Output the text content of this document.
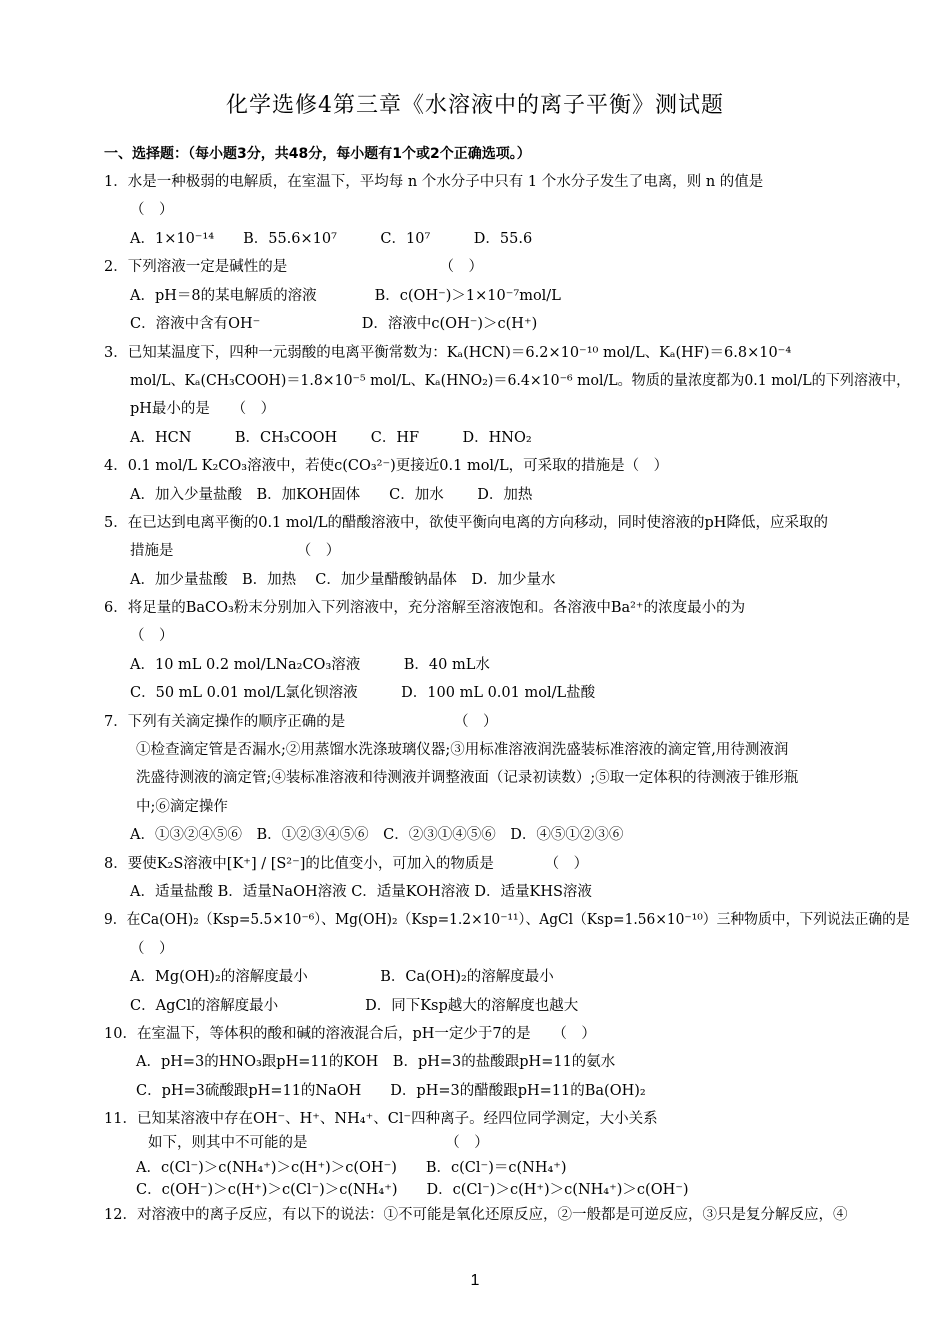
化学选修4第三章《水溶液中的离子平衡》测试题
一、选择题：（每小题3分，共48分，每小题有1个或2个正确选项。）
1．水是一种极弱的电解质，在室温下，平均每 n 个水分子中只有 1 个水分子发生了电离，则 n 的值是
（　）
A．1×10⁻¹⁴　　B．55.6×10⁷　　　C．10⁷　　　D．55.6
2．下列溶液一定是碱性的是　　　　　　　　　　　（　）
A．pH＝8的某电解质的溶液　　　　B．c(OH⁻)＞1×10⁻⁷mol/L
C．溶液中含有OH⁻　　　　　　　D．溶液中c(OH⁻)＞c(H⁺)
3．已知某温度下，四种一元弱酸的电离平衡常数为：Kₐ(HCN)＝6.2×10⁻¹⁰ mol/L、Kₐ(HF)＝6.8×10⁻⁴
mol/L、Kₐ(CH₃COOH)＝1.8×10⁻⁵ mol/L、Kₐ(HNO₂)＝6.4×10⁻⁶ mol/L。物质的量浓度都为0.1 mol/L的下列溶液中，
pH最小的是　　（　）
A．HCN　　　B．CH₃COOH　　 C．HF　　　D．HNO₂
4．0.1 mol/L K₂CO₃溶液中，若使c(CO₃²⁻)更接近0.1 mol/L，可采取的措施是（　）
A．加入少量盐酸　B．加KOH固体　　C．加水　　 D．加热
5．在已达到电离平衡的0.1 mol/L的醋酸溶液中，欲使平衡向电离的方向移动，同时使溶液的pH降低，应采取的
措施是　　　　　　　　　（　）
A．加少量盐酸　B．加热　 C．加少量醋酸钠晶体　D．加少量水
6．将足量的BaCO₃粉末分别加入下列溶液中，充分溶解至溶液饱和。各溶液中Ba²⁺的浓度最小的为
（　）
A．10 mL 0.2 mol/LNa₂CO₃溶液　　　B．40 mL水
C．50 mL 0.01 mol/L氯化钡溶液　　　D．100 mL 0.01 mol/L盐酸
7．下列有关滴定操作的顺序正确的是　　　　　　　　（　）
①检查滴定管是否漏水;②用蒸馏水洗涤玻璃仪器;③用标准溶液润洗盛装标准溶液的滴定管,用待测液润
洗盛待测液的滴定管;④装标准溶液和待测液并调整液面（记录初读数）;⑤取一定体积的待测液于锥形瓶
中;⑥滴定操作
A．①③②④⑤⑥　B．①②③④⑤⑥　C．②③①④⑤⑥　D．④⑤①②③⑥
8．要使K₂S溶液中[K⁺] / [S²⁻]的比值变小，可加入的物质是　　　　（　）
A．适量盐酸 B．适量NaOH溶液 C．适量KOH溶液 D．适量KHS溶液
9．在Ca(OH)₂（Ksp=5.5×10⁻⁶）、Mg(OH)₂（Ksp=1.2×10⁻¹¹）、AgCl（Ksp=1.56×10⁻¹⁰）三种物质中，下列说法正确的是
（　）
A．Mg(OH)₂的溶解度最小　　　　　B．Ca(OH)₂的溶解度最小
C．AgCl的溶解度最小　　　　　　D．同下Ksp越大的溶解度也越大
10．在室温下，等体积的酸和碱的溶液混合后，pH一定少于7的是　　（　）
A．pH=3的HNO₃跟pH=11的KOH　B．pH=3的盐酸跟pH=11的氨水
C．pH=3硫酸跟pH=11的NaOH　　D．pH=3的醋酸跟pH=11的Ba(OH)₂
11．已知某溶液中存在OH⁻、H⁺、NH₄⁺、Cl⁻四种离子。经四位同学测定，大小关系
如下，则其中不可能的是　　　　　　　　　　（　）
A．c(Cl⁻)＞c(NH₄⁺)＞c(H⁺)＞c(OH⁻)　　B．c(Cl⁻)＝c(NH₄⁺)
C．c(OH⁻)＞c(H⁺)＞c(Cl⁻)＞c(NH₄⁺)　　D．c(Cl⁻)＞c(H⁺)＞c(NH₄⁺)＞c(OH⁻)
12．对溶液中的离子反应，有以下的说法：①不可能是氧化还原反应，②一般都是可逆反应，③只是复分解反应，④
1
